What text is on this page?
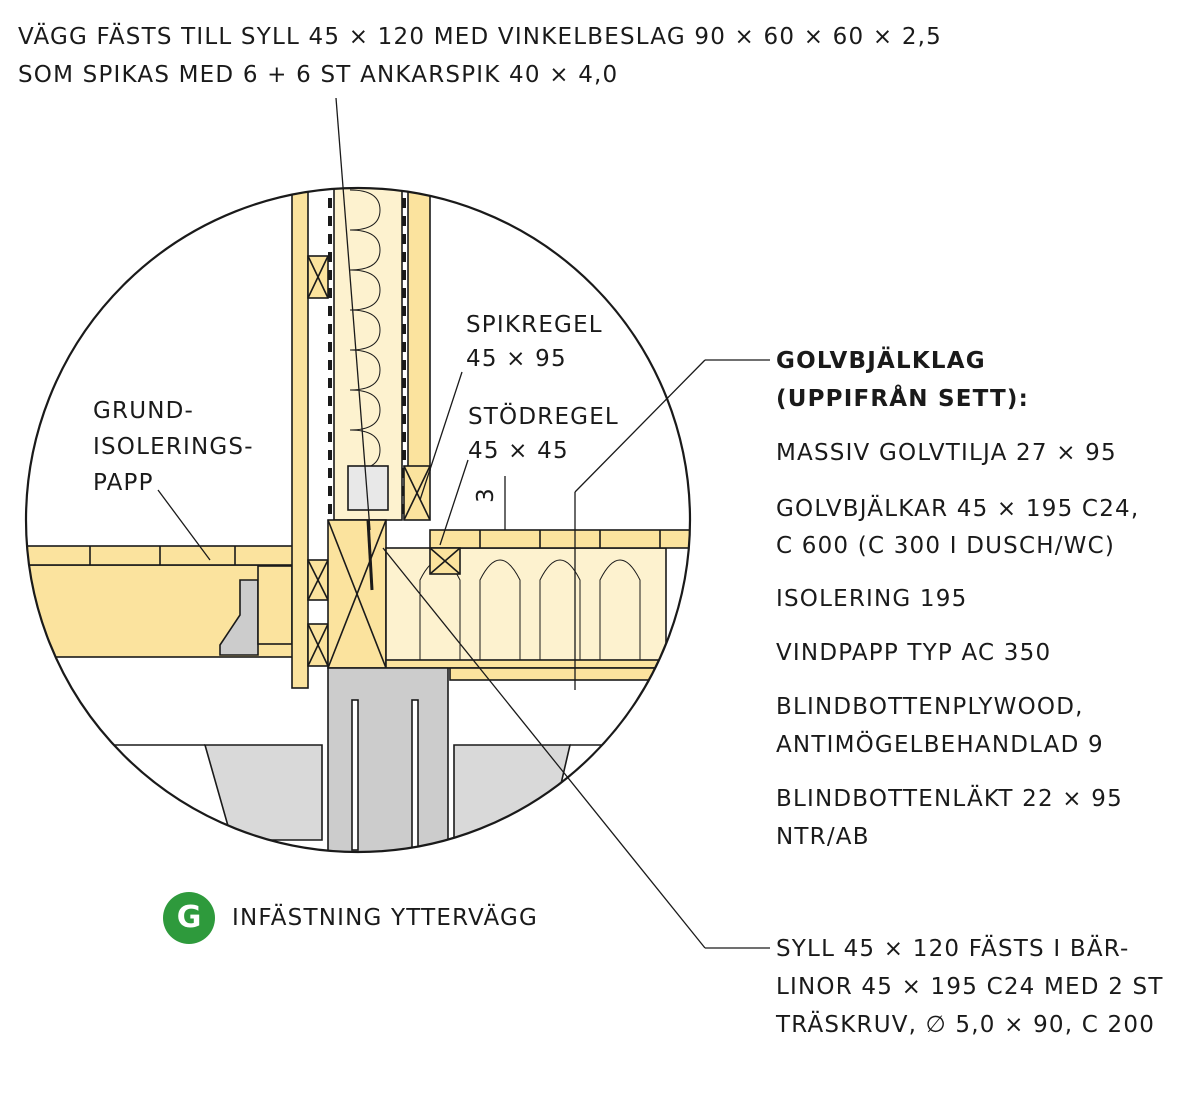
VÄGG FÄSTS TILL SYLL 45 × 120 MED VINKELBESLAG 90 × 60 × 60 × 2,5
SOM SPIKAS MED 6 + 6 ST ANKARSPIK 40 × 4,0
GRUND-
ISOLERINGS-
PAPP
SPIKREGEL
45 × 95
STÖDREGEL
45 × 45
3
GOLVBJÄLKLAG
(UPPIFRÅN SETT):
MASSIV GOLVTILJA 27 × 95
GOLVBJÄLKAR 45 × 195 C24,
C 600 (C 300 I DUSCH/WC)
ISOLERING 195
VINDPAPP TYP AC 350
BLINDBOTTENPLYWOOD,
ANTIMÖGELBEHANDLAD 9
BLINDBOTTENLÄKT 22 × 95
NTR/AB
SYLL 45 × 120 FÄSTS I BÄR-
LINOR 45 × 195 C24 MED 2 ST
TRÄSKRUV, ∅ 5,0 × 90, C 200
G	INFÄSTNING YTTERVÄGG
